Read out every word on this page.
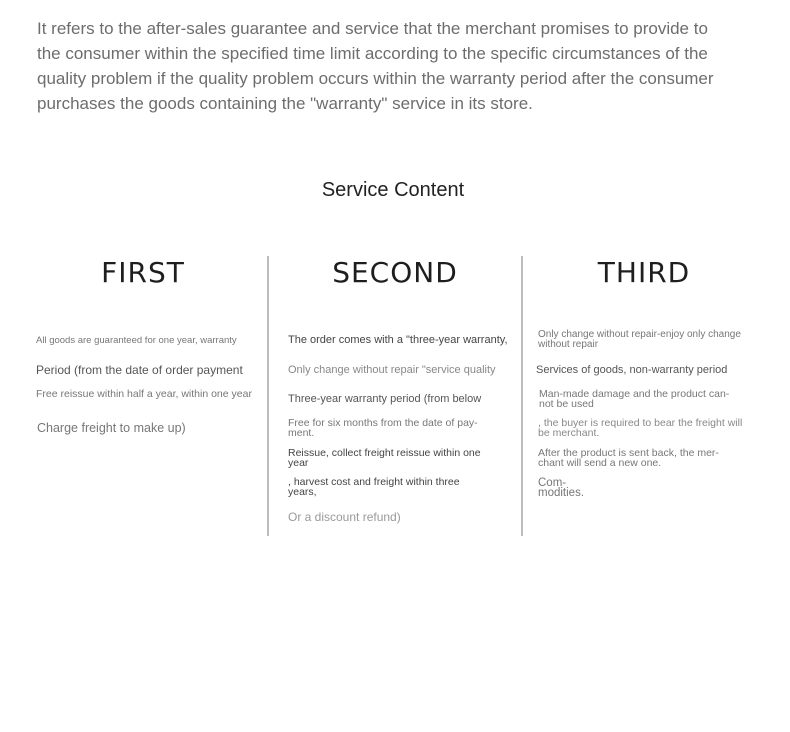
It refers to the after-sales guarantee and service that the merchant promises to provide to the consumer within the specified time limit according to the specific circumstances of the quality problem if the quality problem occurs within the warranty period after the consumer purchases the goods containing the "warranty" service in its store.
Service Content
FIRST	SECOND	THIRD
All goods are guaranteed for one year, warranty
Period (from the date of order payment
Free reissue within half a year, within one year
Charge freight to make up)
The order comes with a "three-year warranty,
Only change without repair "service quality
Three-year warranty period (from below
Free for six months from the date of pay- ment.
Reissue, collect freight reissue within one year
, harvest cost and freight within three years,
Or a discount refund)
Only change without repair-enjoy only change without repair
Services of goods, non-warranty period
Man-made damage and the product can- not be used
, the buyer is required to bear the freight will be merchant.
After the product is sent back, the mer- chant will send a new one.
Com- modities.
